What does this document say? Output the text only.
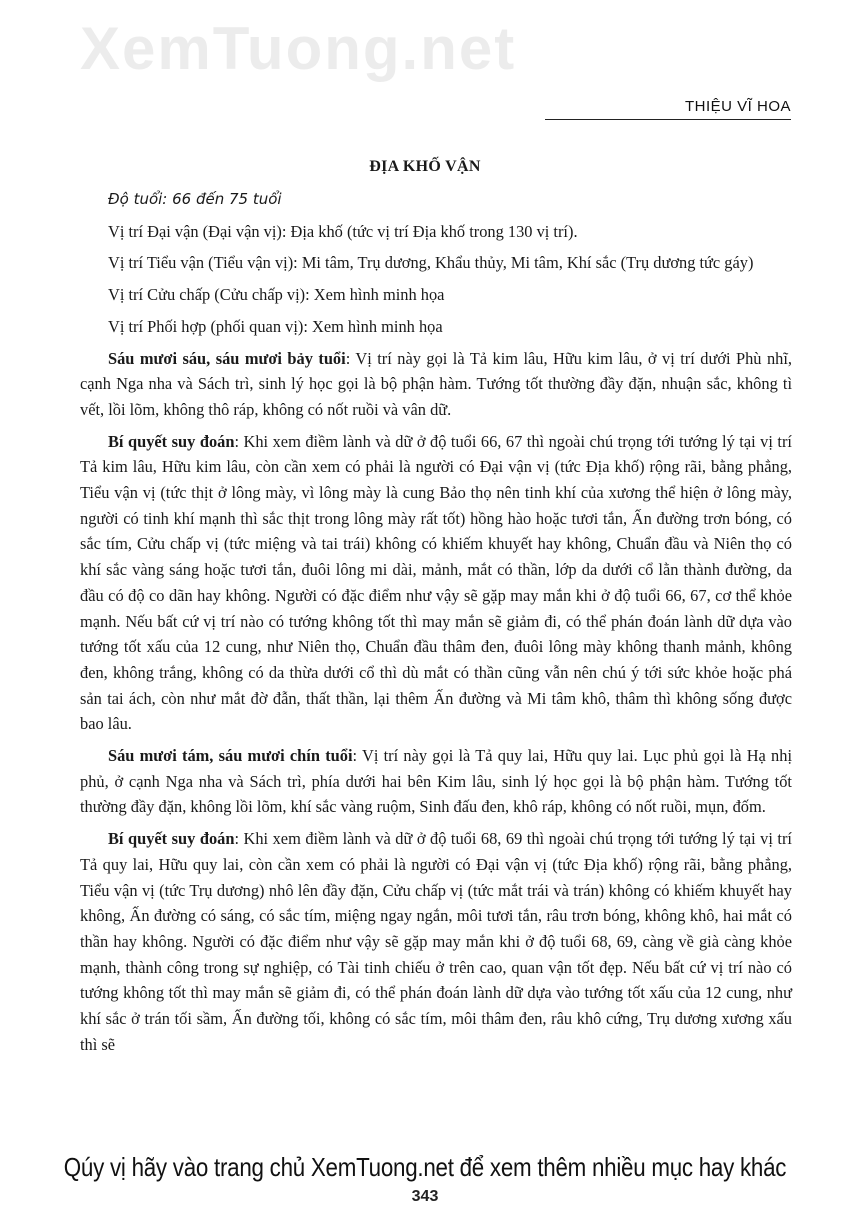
XemTuong.net
THIỆU VĨ HOA
ĐỊA KHỐ VẬN

Độ tuổi: 66 đến 75 tuổi

Vị trí Đại vận (Đại vận vị): Địa khố (tức vị trí Địa khố trong 130 vị trí).

Vị trí Tiểu vận (Tiểu vận vị): Mi tâm, Trụ dương, Khẩu thủy, Mi tâm, Khí sắc (Trụ dương tức gáy)

Vị trí Cửu chấp (Cửu chấp vị): Xem hình minh họa

Vị trí Phối hợp (phối quan vị): Xem hình minh họa

Sáu mươi sáu, sáu mươi bảy tuổi: Vị trí này gọi là Tả kim lâu, Hữu kim lâu, ở vị trí dưới Phù nhĩ, cạnh Nga nha và Sách trì, sinh lý học gọi là bộ phận hàm. Tướng tốt thường đầy đặn, nhuận sắc, không tì vết, lồi lõm, không thô ráp, không có nốt ruồi và vân dữ.

Bí quyết suy đoán: Khi xem điềm lành và dữ ở độ tuổi 66, 67 thì ngoài chú trọng tới tướng lý tại vị trí Tả kim lâu, Hữu kim lâu, còn cần xem có phải là người có Đại vận vị (tức Địa khố) rộng rãi, bằng phẳng, Tiểu vận vị (tức thịt ở lông mày, vì lông mày là cung Bảo thọ nên tinh khí của xương thể hiện ở lông mày, người có tinh khí mạnh thì sắc thịt trong lông mày rất tốt) hồng hào hoặc tươi tắn, Ấn đường trơn bóng, có sắc tím, Cửu chấp vị (tức miệng và tai trái) không có khiếm khuyết hay không, Chuẩn đầu và Niên thọ có khí sắc vàng sáng hoặc tươi tắn, đuôi lông mi dài, mảnh, mắt có thần, lớp da dưới cổ lằn thành đường, da đầu có độ co dãn hay không. Người có đặc điểm như vậy sẽ gặp may mắn khi ở độ tuổi 66, 67, cơ thể khỏe mạnh. Nếu bất cứ vị trí nào có tướng không tốt thì may mắn sẽ giảm đi, có thể phán đoán lành dữ dựa vào tướng tốt xấu của 12 cung, như Niên thọ, Chuẩn đầu thâm đen, đuôi lông mày không thanh mảnh, không đen, không trắng, không có da thừa dưới cổ thì dù mắt có thần cũng vẫn nên chú ý tới sức khỏe hoặc phá sản tai ách, còn như mắt đờ đẫn, thất thần, lại thêm Ấn đường và Mi tâm khô, thâm thì không sống được bao lâu.

Sáu mươi tám, sáu mươi chín tuổi: Vị trí này gọi là Tả quy lai, Hữu quy lai. Lục phủ gọi là Hạ nhị phủ, ở cạnh Nga nha và Sách trì, phía dưới hai bên Kim lâu, sinh lý học gọi là bộ phận hàm. Tướng tốt thường đầy đặn, không lồi lõm, khí sắc vàng ruộm, Sinh đấu đen, khô ráp, không có nốt ruồi, mụn, đốm.

Bí quyết suy đoán: Khi xem điềm lành và dữ ở độ tuổi 68, 69 thì ngoài chú trọng tới tướng lý tại vị trí Tả quy lai, Hữu quy lai, còn cần xem có phải là người có Đại vận vị (tức Địa khố) rộng rãi, bằng phẳng, Tiểu vận vị (tức Trụ dương) nhô lên đầy đặn, Cửu chấp vị (tức mắt trái và trán) không có khiếm khuyết hay không, Ấn đường có sáng, có sắc tím, miệng ngay ngắn, môi tươi tắn, râu trơn bóng, không khô, hai mắt có thần hay không. Người có đặc điểm như vậy sẽ gặp may mắn khi ở độ tuổi 68, 69, càng về già càng khỏe mạnh, thành công trong sự nghiệp, có Tài tinh chiếu ở trên cao, quan vận tốt đẹp. Nếu bất cứ vị trí nào có tướng không tốt thì may mắn sẽ giảm đi, có thể phán đoán lành dữ dựa vào tướng tốt xấu của 12 cung, như khí sắc ở trán tối sầm, Ấn đường tối, không có sắc tím, môi thâm đen, râu khô cứng, Trụ dương xương xấu thì sẽ

Qúy vị hãy vào trang chủ XemTuong.net để xem thêm nhiều mục hay khác
343
